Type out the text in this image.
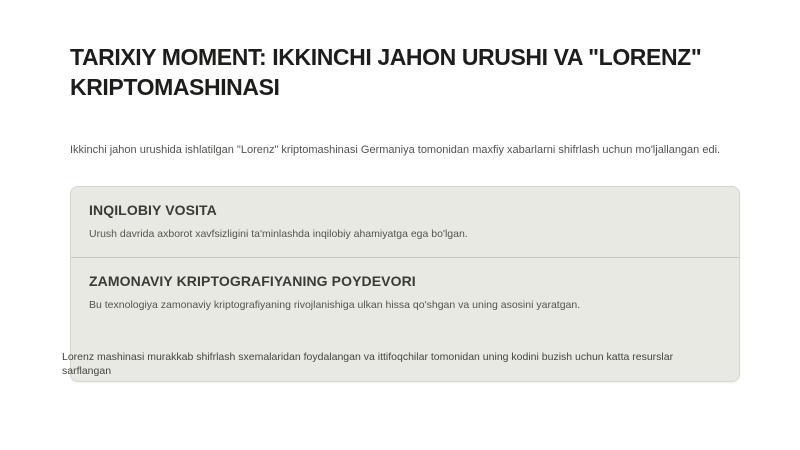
TARIXIY MOMENT: IKKINCHI JAHON URUSHI VA "LORENZ" KRIPTOMASHINASI

Ikkinchi jahon urushida ishlatilgan "Lorenz" kriptomashinasi Germaniya tomonidan maxfiy xabarlarni shifrlash uchun mo'ljallangan edi.

INQILOBIY VOSITA

Urush davrida axborot xavfsizligini ta'minlashda inqilobiy ahamiyatga ega bo'lgan.

ZAMONAVIY KRIPTOGRAFIYANING POYDEVORI

Bu texnologiya zamonaviy kriptografiyaning rivojlanishiga ulkan hissa qo'shgan va uning asosini yaratgan.

Lorenz mashinasi murakkab shifrlash sxemalaridan foydalangan va ittifoqchilar tomonidan uning kodini buzish uchun katta resurslar sarflangan
